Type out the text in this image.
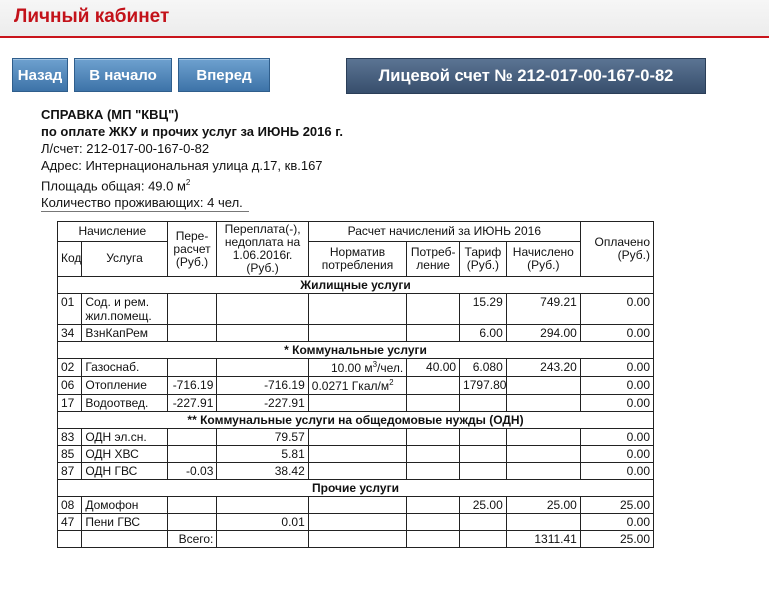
Личный кабинет
Назад	В начало	Вперед	Лицевой счет № 212-017-00-167-0-82
СПРАВКА (МП "КВЦ")
по оплате ЖКУ и прочих услуг за ИЮНЬ 2016 г.
Л/счет: 212-017-00-167-0-82
Адрес: Интернациональная улица д.17, кв.167
Площадь общая: 49.0 $м^2$
Количество проживающих: 4 чел.
Начисление		Пере-расчет (Руб.)	Переплата(-), недоплата на 1.06.2016г. (Руб.)	Расчет начислений за ИЮНЬ 2016				Оплачено (Руб.)
Код	Услуга			Норматив потребления	Потреб-ление	Тариф (Руб.)	Начислено (Руб.)	
Жилищные услуги								
01	Сод. и рем. жил.помещ.					15.29	749.21	0.00
34	ВзнКапРем					6.00	294.00	0.00
* Коммунальные услуги								
02	Газоснаб.			10.00 $м^3$/чел.	40.00	6.080	243.20	0.00
06	Отопление	-716.19	-716.19	0.0271 Гкал/$м^2$		1797.80		0.00
17	Водоотвед.	-227.91	-227.91					0.00
** Коммунальные услуги на общедомовые нужды (ОДН)								
83	ОДН эл.сн.		79.57					0.00
85	ОДН ХВС		5.81					0.00
87	ОДН ГВС	-0.03	38.42					0.00
Прочие услуги								
08	Домофон					25.00	25.00	25.00
47	Пени ГВС		0.01					0.00
		Всего:					1311.41	25.00
